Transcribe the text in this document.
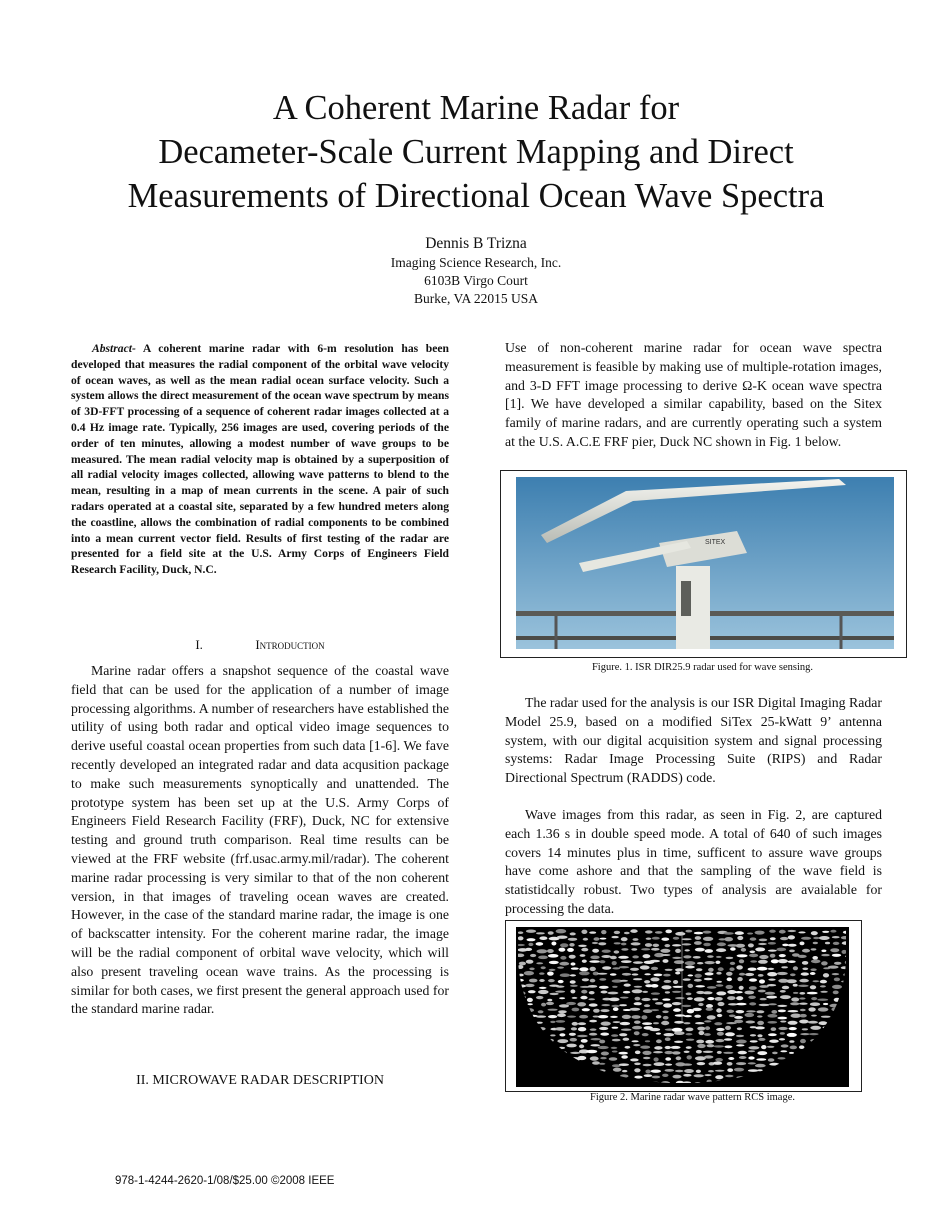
A Coherent Marine Radar for
Decameter-Scale Current Mapping and Direct
Measurements of Directional Ocean Wave Spectra
Dennis B Trizna
Imaging Science Research, Inc.
6103B Virgo Court
Burke, VA 22015 USA

Abstract- A coherent marine radar with 6-m resolution has been developed that measures the radial component of the orbital wave velocity of ocean waves, as well as the mean radial ocean surface velocity. Such a system allows the direct measurement of the ocean wave spectrum by means of 3D-FFT processing of a sequence of coherent radar images collected at a 0.4 Hz image rate. Typically, 256 images are used, covering periods of the order of ten minutes, allowing a modest number of wave groups to be measured. The mean radial velocity map is obtained by a superposition of all radial velocity images collected, allowing wave patterns to blend to the mean, resulting in a map of mean currents in the scene. A pair of such radars operated at a coastal site, separated by a few hundred meters along the coastline, allows the combination of radial components to be combined into a mean current vector field. Results of first testing of the radar are presented for a field site at the U.S. Army Corps of Engineers Field Research Facility, Duck, N.C.

I.	Introduction

Marine radar offers a snapshot sequence of the coastal wave field that can be used for the application of a number of image processing algorithms. A number of researchers have established the utility of using both radar and optical video image sequences to derive useful coastal ocean properties from such data [1-6]. We fave recently developed an integrated radar and data acqusition package to make such measurements synoptically and unattended. The prototype system has been set up at the U.S. Army Corps of Engineers Field Research Facility (FRF), Duck, NC for extensive testing and ground truth comparison. Real time results can be viewed at the FRF website (frf.usac.army.mil/radar). The coherent marine radar processing is very similar to that of the non coherent version, in that images of traveling ocean waves are created. However, in the case of the standard marine radar, the image is one of backscatter intensity. For the coherent marine radar, the image will be the radial component of orbital wave velocity, which will also present traveling ocean wave trains. As the processing is similar for both cases, we first present the general approach used for the standard marine radar.

II. MICROWAVE RADAR DESCRIPTION

Use of non-coherent marine radar for ocean wave spectra measurement is feasible by making use of multiple-rotation images, and 3-D FFT image processing to derive Ω-K ocean wave spectra [1]. We have developed a similar capability, based on the Sitex family of marine radars, and are currently operating such a system at the U.S. A.C.E FRF pier, Duck NC shown in Fig. 1 below.

SITEX
Figure. 1. ISR DIR25.9 radar used for wave sensing.

The radar used for the analysis is our ISR Digital Imaging Radar Model 25.9, based on a modified SiTex 25-kWatt 9’ antenna system, with our digital acquisition system and signal processing systems: Radar Image Processing Suite (RIPS) and Radar Directional Spectrum (RADDS) code.

Wave images from this radar, as seen in Fig. 2, are captured each 1.36 s in double speed mode. A total of 640 of such images covers 14 minutes plus in time, sufficent to assure wave groups have come ashore and that the sampling of the wave field is statistidcally robust. Two types of analysis are avaialable for processing the data.

Figure 2. Marine radar wave pattern RCS image.
978-1-4244-2620-1/08/$25.00 ©2008 IEEE
